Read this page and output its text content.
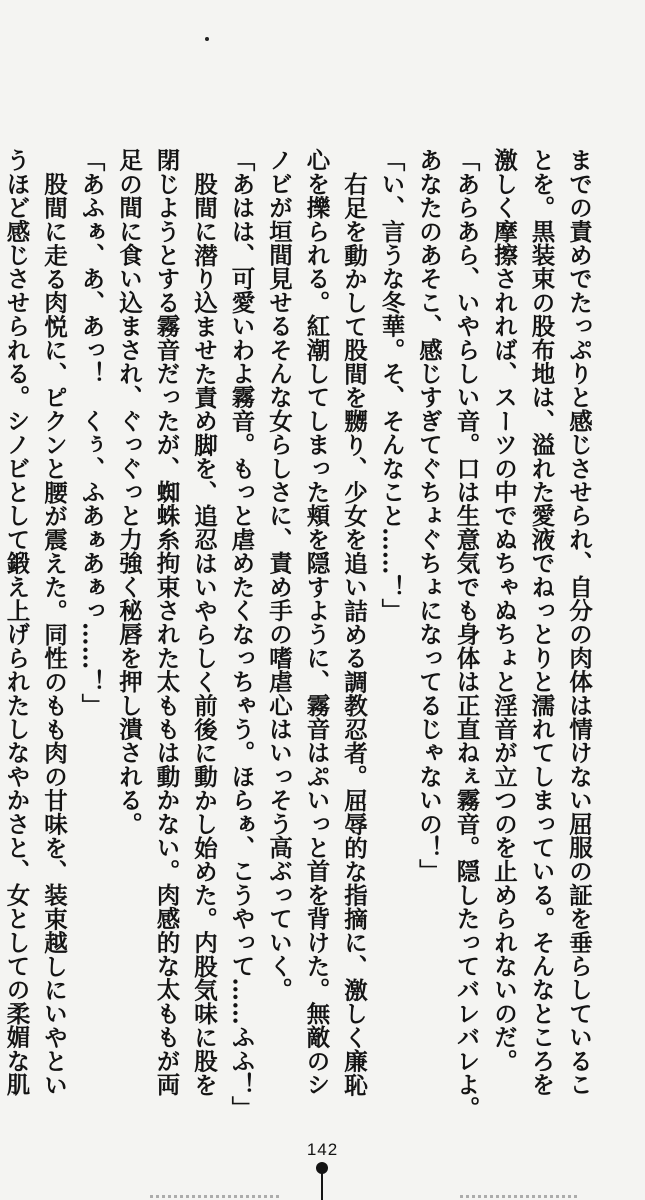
までの責めでたっぷりと感じさせられ、自分の肉体は情けない屈服の証を垂らしているこ
とを。黒装束の股布地は、溢れた愛液でねっとりと濡れてしまっている。そんなところを
激しく摩擦されれば、スーツの中でぬちゃぬちょと淫音が立つのを止められないのだ。
「あらあら、いやらしい音。口は生意気でも身体は正直ねぇ霧音。隠したってバレバレよ。
あなたのあそこ、感じすぎてぐちょぐちょになってるじゃないの！」
「い、言うな冬華。そ、そんなこと……！」
右足を動かして股間を嬲り、少女を追い詰める調教忍者。屈辱的な指摘に、激しく廉恥
心を擽られる。紅潮してしまった頬を隠すように、霧音はぷいっと首を背けた。無敵のシ
ノビが垣間見せるそんな女らしさに、責め手の嗜虐心はいっそう高ぶっていく。
「あはは、可愛いわよ霧音。もっと虐めたくなっちゃう。ほらぁ、こうやって……ふふ！」
股間に潜り込ませた責め脚を、追忍はいやらしく前後に動かし始めた。内股気味に股を
閉じようとする霧音だったが、蜘蛛糸拘束された太ももは動かない。肉感的な太ももが両
足の間に食い込まされ、ぐっぐっと力強く秘唇を押し潰される。
「あふぁ、あ、あっ！　くぅ、ふあぁあぁっ……！」
股間に走る肉悦に、ピクンと腰が震えた。同性のもも肉の甘味を、装束越しにいやとい
うほど感じさせられる。シノビとして鍛え上げられたしなやかさと、女としての柔媚な肌
142
